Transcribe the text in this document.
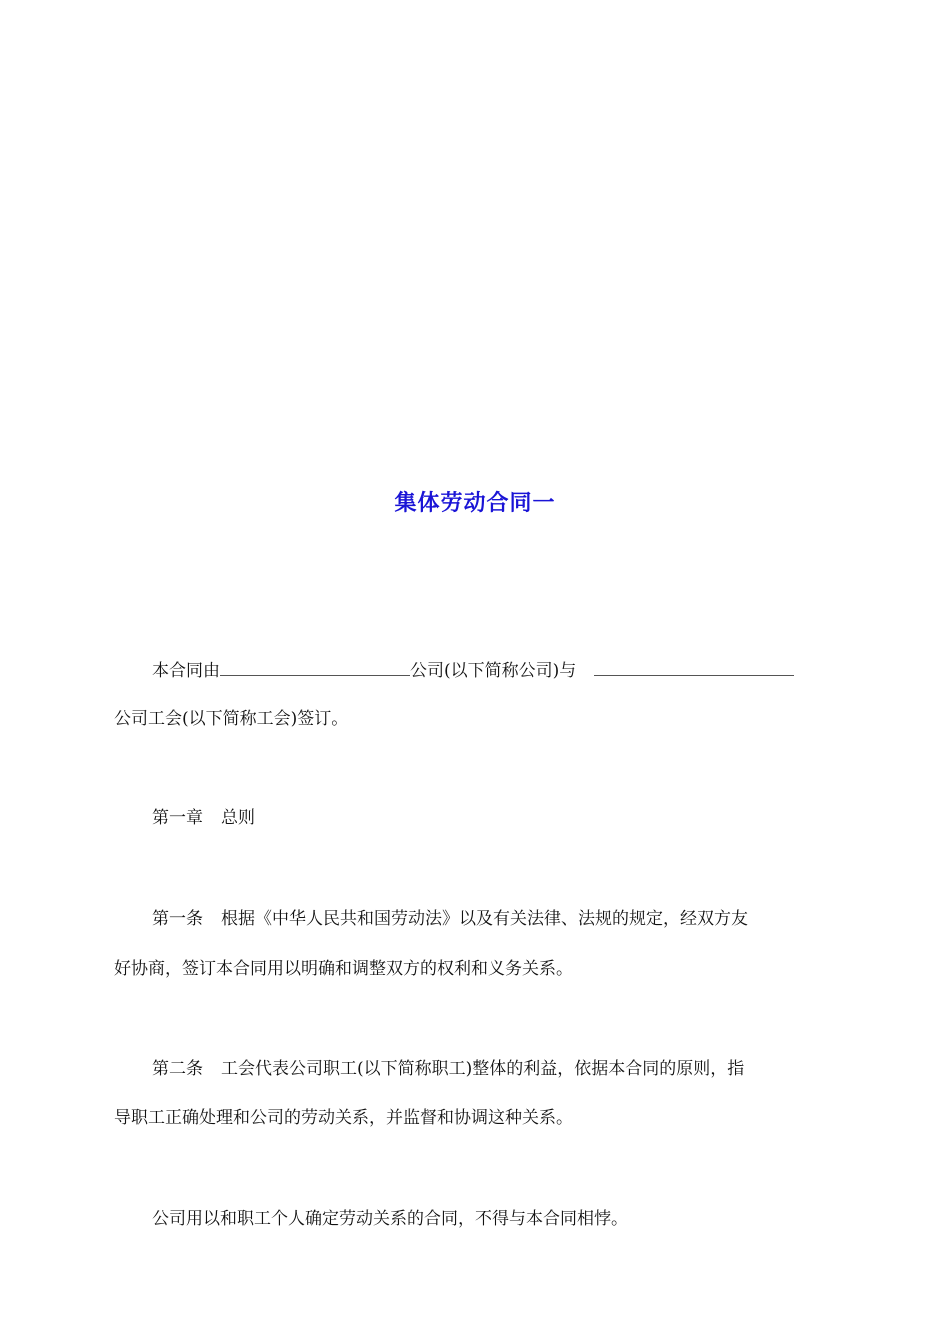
集体劳动合同一
本合同由	公司(以下简称公司)与
公司工会(以下简称工会)签订。
第一章 总则
第一条 根据《中华人民共和国劳动法》以及有关法律、法规的规定，经双方友
好协商，签订本合同用以明确和调整双方的权利和义务关系。
第二条 工会代表公司职工(以下简称职工)整体的利益，依据本合同的原则，指
导职工正确处理和公司的劳动关系，并监督和协调这种关系。
公司用以和职工个人确定劳动关系的合同，不得与本合同相悖。
